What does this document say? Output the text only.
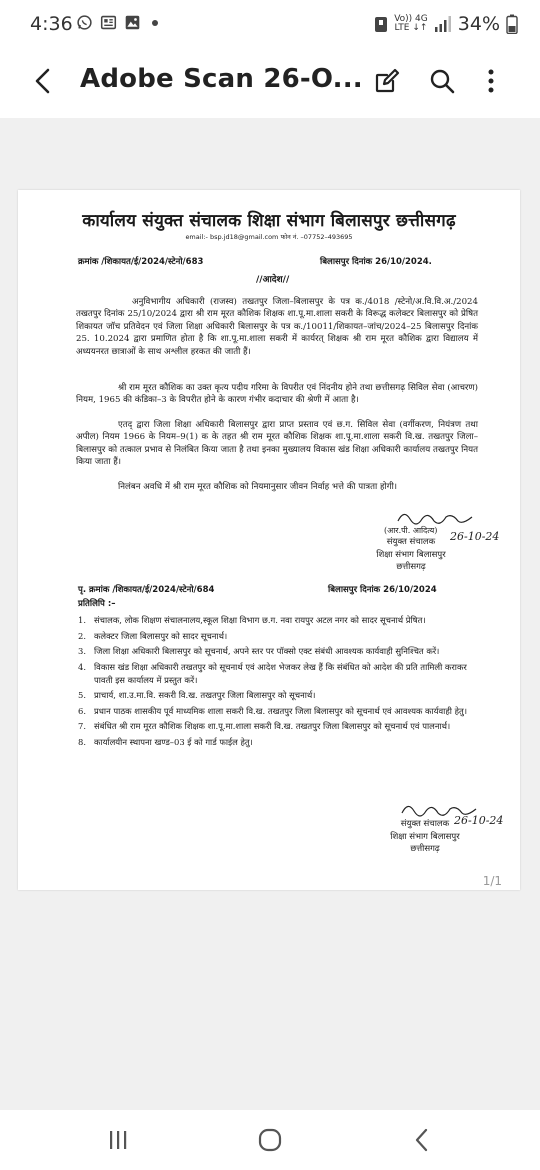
4:36	Vo)) 4G
LTE ↓↑ 34%
Adobe Scan 26-O...
कार्यालय संयुक्त संचालक शिक्षा संभाग बिलासपुर छत्तीसगढ़
email:- bsp.jd18@gmail.com फोन नं. –07752–493695
क्रमांक /शिकायत/ई/2024/स्टेनो/683	बिलासपुर दिनांक 26/10/2024.
//आदेश//

अनुविभागीय अधिकारी (राजस्व) तखतपुर जिला–बिलासपुर के पत्र क./4018 /स्टेनो/अ.वि.वि.अ./2024 तखतपुर दिनांक 25/10/2024 द्वारा श्री राम मूरत कौशिक शिक्षक शा.पू.मा.शाला सकरी के विरूद्ध कलेक्टर बिलासपुर को प्रेषित शिकायत जॉच प्रतिवेदन एवं जिला शिक्षा अधिकारी बिलासपुर के पत्र क./10011/शिकायत–जांच/2024–25 बिलासपुर दिनांक 25. 10.2024 द्वारा प्रमाणित होता है कि शा.पू.मा.शाला सकरी में कार्यरत् शिक्षक श्री राम मूरत कौशिक द्वारा विद्यालय में अध्ययनरत छात्राओं के साथ अश्लील हरकत की जाती हैं।

श्री राम मूरत कौशिक का उक्त कृत्य पदीय गरिमा के विपरीत एवं निंदनीय होने तथा छत्तीसगढ़ सिविल सेवा (आचरण) नियम, 1965 की कंडिका–3 के विपरीत होने के कारण गंभीर कदाचार की श्रेणी में आता है।

एतद् द्वारा जिला शिक्षा अधिकारी बिलासपुर द्वारा प्राप्त प्रस्ताव एवं छ.ग. सिविल सेवा (वर्गीकरण, नियंत्रण तथा अपील) नियम 1966 के नियम–9(1) क के तहत श्री राम मूरत कौशिक शिक्षक शा.पू.मा.शाला सकरी वि.ख. तखतपुर जिला–बिलासपुर को तत्काल प्रभाव से निलंबित किया जाता है तथा इनका मुख्यालय विकास खंड शिक्षा अधिकारी कार्यालय तखतपुर नियत किया जाता हैं।

निलंबन अवधि में श्री राम मूरत कौशिक को नियमानुसार जीवन निर्वाह भत्ते की पात्रता होगी।

(आर.पी. आदित्य) 26-10-24
संयुक्त संचालक
शिक्षा संभाग बिलासपुर
छत्तीसगढ़
पृ. क्रमांक /शिकायत/ई/2024/स्टेनो/684	बिलासपुर दिनांक 26/10/2024
प्रतिलिपि :–
1. संचालक, लोक शिक्षण संचालनालय,स्कूल शिक्षा विभाग छ.ग. नवा रायपुर अटल नगर को सादर सूचनार्थ प्रेषित।
2. कलेक्टर जिला बिलासपुर को सादर सूचनार्थ।
3. जिला शिक्षा अधिकारी बिलासपुर को सूचनार्थ, अपने स्तर पर पॉक्सो एक्ट संबंधी आवश्यक कार्यवाही सुनिश्चित करें।
4. विकास खंड शिक्षा अधिकारी तखतपुर को सूचनार्थ एवं आदेश भेजकर लेख हैं कि संबंधित को आदेश की प्रति तामिली कराकर पावती इस कार्यालय में प्रस्तुत करें।
5. प्राचार्य, शा.उ.मा.वि. सकरी वि.ख. तखतपुर जिला बिलासपुर को सूचनार्थ।
6. प्रधान पाठक शासकीय पूर्व माध्यमिक शाला सकरी वि.ख. तखतपुर जिला बिलासपुर को सूचनार्थ एवं आवश्यक कार्यवाही हेतु।
7. संबंधित श्री राम मूरत कौशिक शिक्षक शा.पू.मा.शाला सकरी वि.ख. तखतपुर जिला बिलासपुर को सूचनार्थ एवं पालनार्थ।
8. कार्यालयीन स्थापना खण्ड–03 ई को गार्ड फाईल हेतु।
संयुक्त संचालक
शिक्षा संभाग बिलासपुर
छत्तीसगढ़
26-10-24
1/1
